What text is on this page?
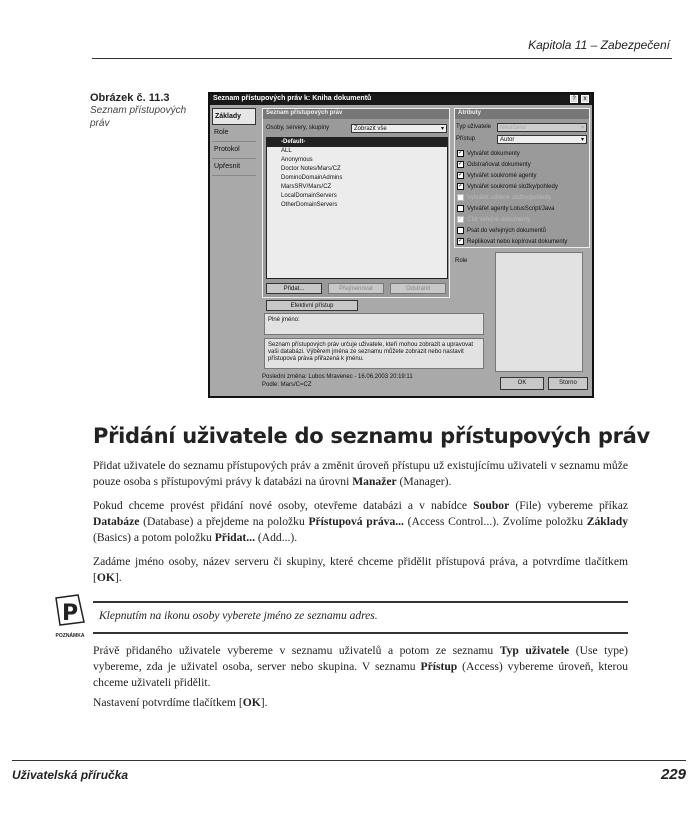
Kapitola 11 – Zabezpečení
Obrázek č. 11.3
Seznam přístupových práv
Seznam přístupových práv k: Kniha dokumentů	?	x
Základy
Role
Protokol
Upřesnit
Seznam přístupových práv
Osoby, servery, skupiny	Zobrazit vše	▾
-Default-
ALL
Anonymous
Doctor Notes/Mars/CZ
DominoDomainAdmins
MarsSRV/Mars/CZ
LocalDomainServers
OtherDomainServers
Přidat...	Přejmenovat	Odstranit
Efektivní přístup
Plné jméno:
Seznam přístupových práv určuje uživatele, kteří mohou zobrazit a upravovat vaši databázi. Výběrem jména ze seznamu můžete zobrazit nebo nastavit přístupová práva přiřazená k jménu.
Atributy
Typ uživatele	Neurčeno	▾
Přístup	Autor	▾
✓ Vytvářet dokumenty
✓ Odstraňovat dokumenty
✓ Vytvářet soukromé agenty
✓ Vytvářet soukromé složky/pohledy
Vytvářet sdílené složky/pohledy
Vytvářet agenty LotusScript/Java
✓ Číst veřejné dokumenty
Psát do veřejných dokumentů
✓ Replikovat nebo kopírovat dokumenty
Role
Poslední změna: Lubos Mravenec - 16.06.2003 20:19:11
Podle: Mars/C=CZ	OK	Storno
Přidání uživatele do seznamu přístupových práv
Přidat uživatele do seznamu přístupových práv a změnit úroveň přístupu už existujícímu uživateli v seznamu může pouze osoba s přístupovými právy k databázi na úrovni Manažer (Manager).
Pokud chceme provést přidání nové osoby, otevřeme databázi a v nabídce Soubor (File) vybereme příkaz Databáze (Database) a přejdeme na položku Přístupová práva... (Access Control...). Zvolíme položku Základy (Basics) a potom položku Přidat... (Add...).
Zadáme jméno osoby, název serveru či skupiny, které chceme přidělit přístupová práva, a potvrdíme tlačítkem [OK].
P
POZNÁMKA
Klepnutím na ikonu osoby vyberete jméno ze seznamu adres.
Právě přidaného uživatele vybereme v seznamu uživatelů a potom ze seznamu Typ uživatele (Use type) vybereme, zda je uživatel osoba, server nebo skupina. V seznamu Přístup (Access) vybereme úroveň, kterou chceme uživateli přidělit.
Nastavení potvrdíme tlačítkem [OK].
Uživatelská příručka	229
